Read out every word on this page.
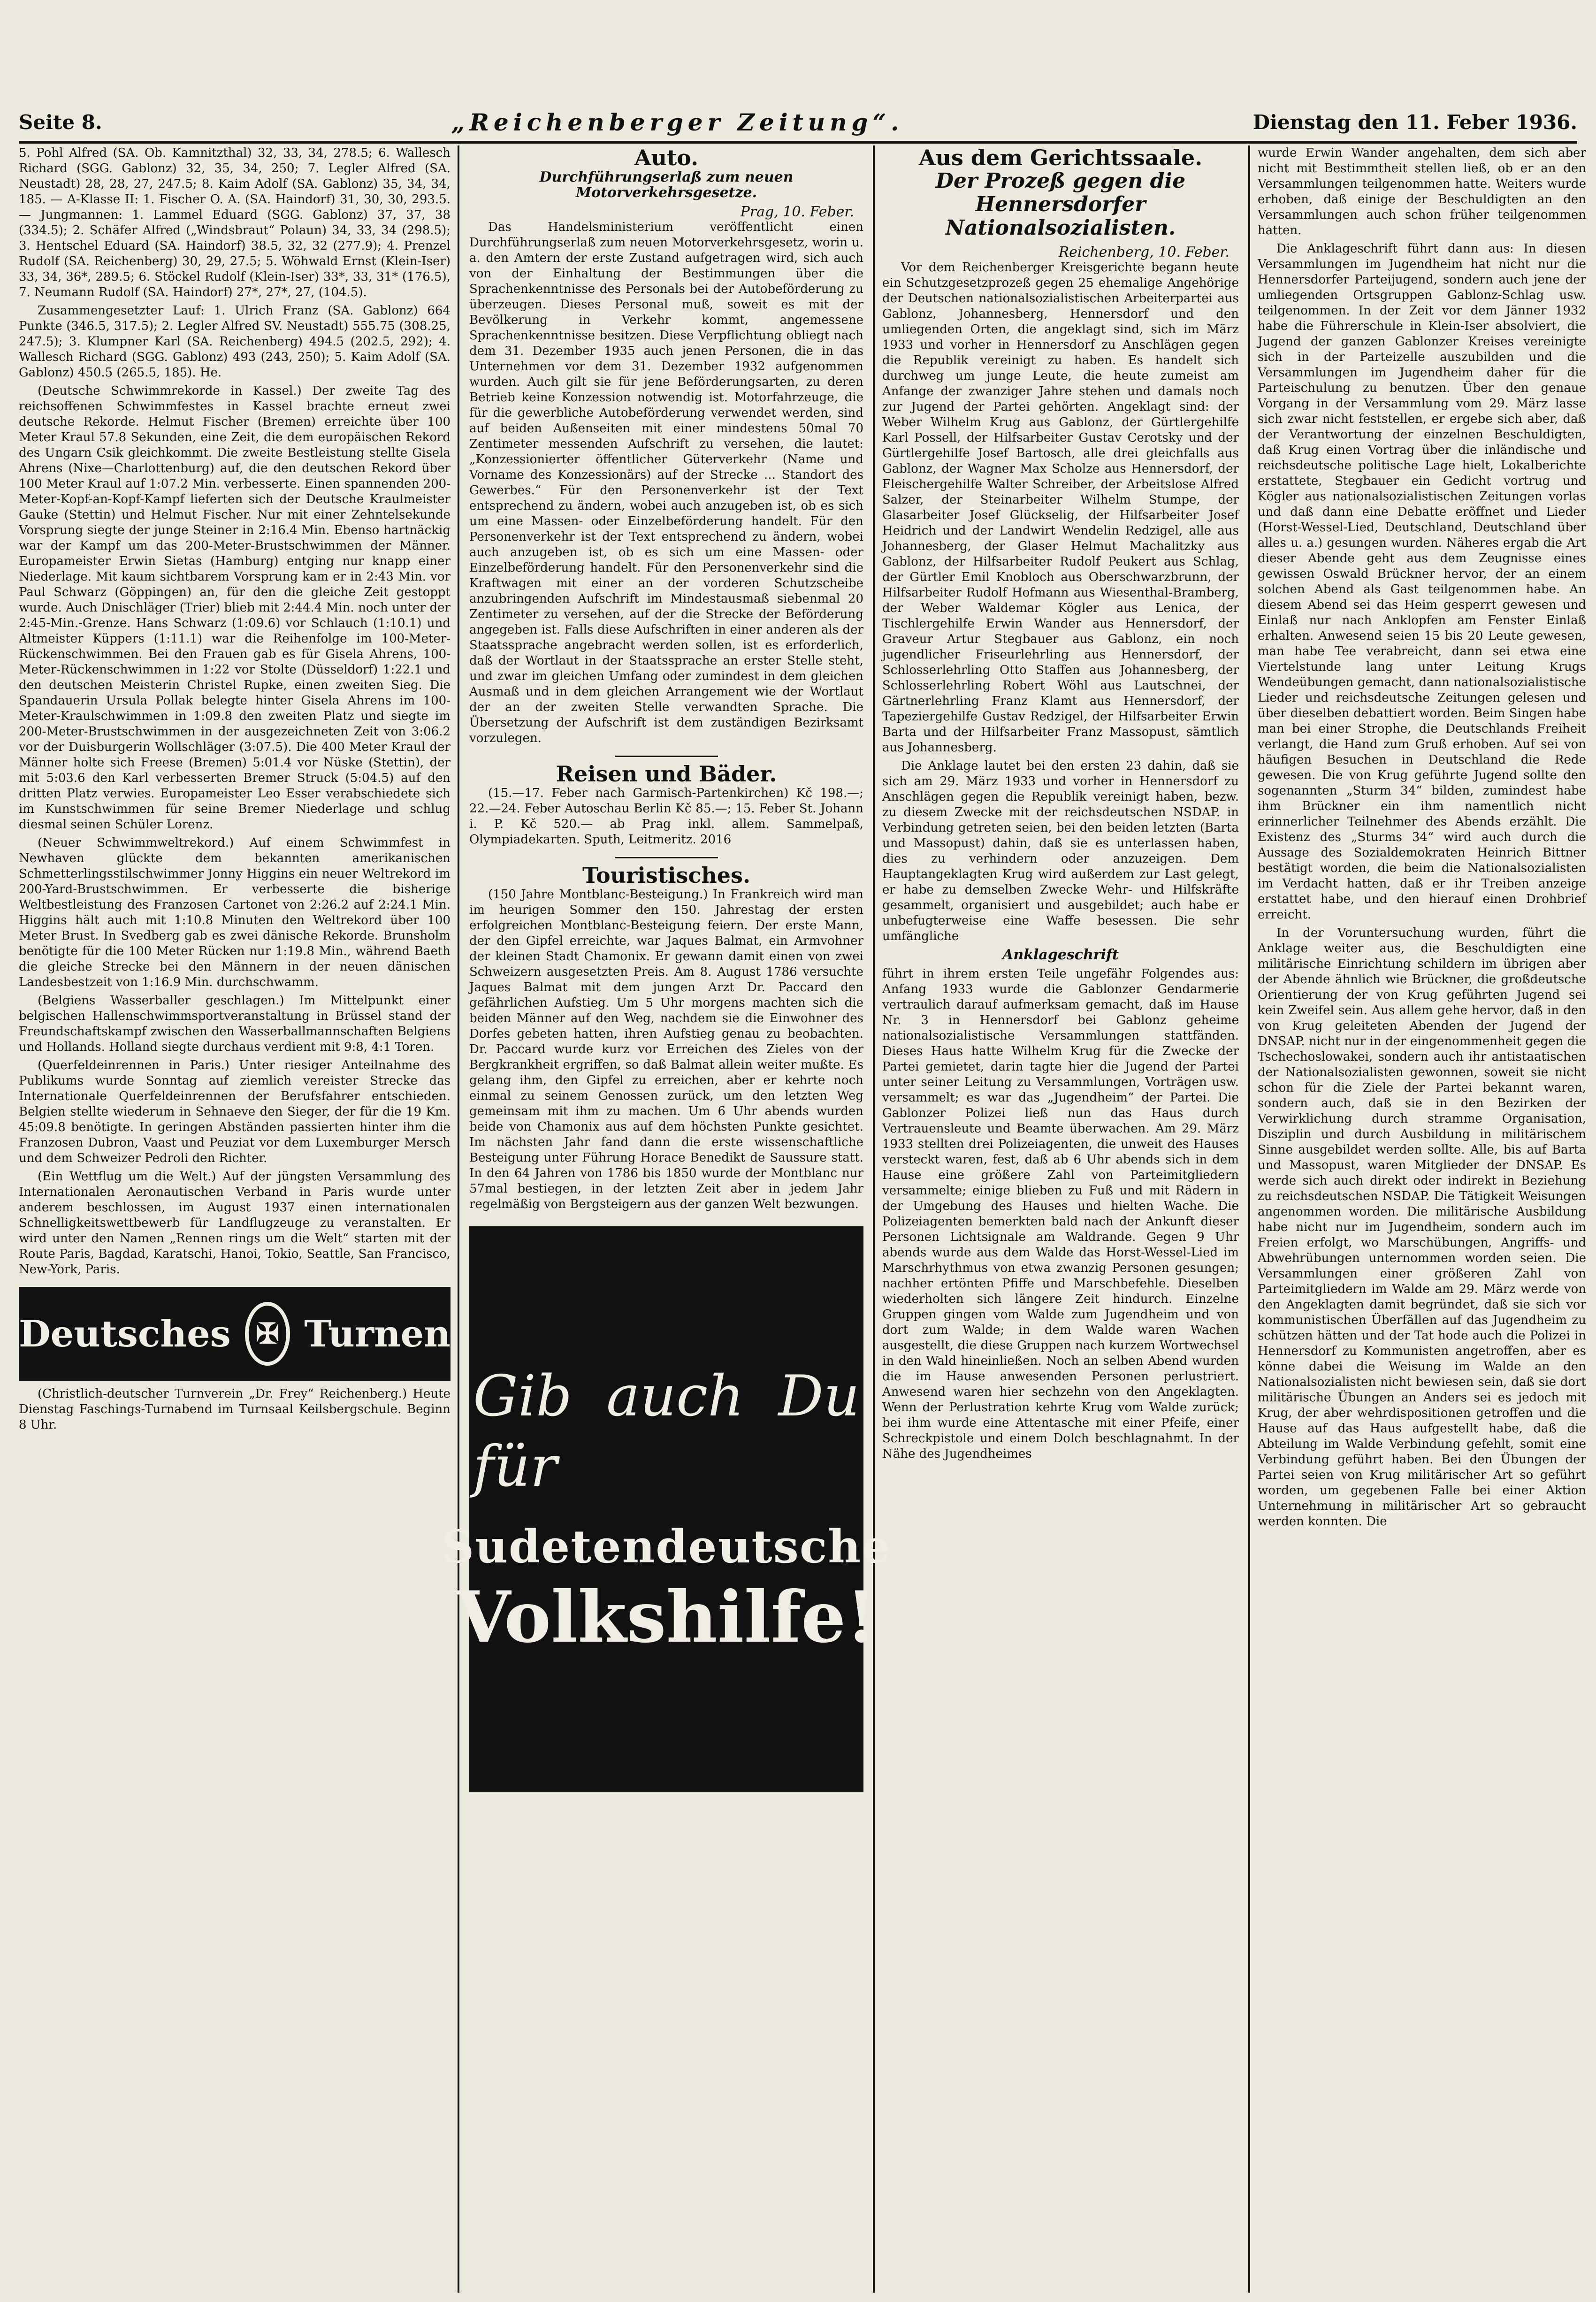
Seite 8.	„Reichenberger Zeitung“.	Dienstag den 11. Feber 1936.

5. Pohl Alfred (SA. Ob. Kamnitzthal) 32, 33, 34, 278.5; 6. Wallesch Richard (SGG. Gablonz) 32, 35, 34, 250; 7. Legler Alfred (SA. Neustadt) 28, 28, 27, 247.5; 8. Kaim Adolf (SA. Gablonz) 35, 34, 34, 185. — A-Klasse II: 1. Fischer O. A. (SA. Haindorf) 31, 30, 30, 293.5. — Jungmannen: 1. Lammel Eduard (SGG. Gablonz) 37, 37, 38 (334.5); 2. Schäfer Alfred („Windsbraut“ Polaun) 34, 33, 34 (298.5); 3. Hentschel Eduard (SA. Haindorf) 38.5, 32, 32 (277.9); 4. Prenzel Rudolf (SA. Reichenberg) 30, 29, 27.5; 5. Wöhwald Ernst (Klein-Iser) 33, 34, 36*, 289.5; 6. Stöckel Rudolf (Klein-Iser) 33*, 33, 31* (176.5), 7. Neumann Rudolf (SA. Haindorf) 27*, 27*, 27, (104.5).

Zusammengesetzter Lauf: 1. Ulrich Franz (SA. Gablonz) 664 Punkte (346.5, 317.5); 2. Legler Alfred SV. Neustadt) 555.75 (308.25, 247.5); 3. Klumpner Karl (SA. Reichenberg) 494.5 (202.5, 292); 4. Wallesch Richard (SGG. Gablonz) 493 (243, 250); 5. Kaim Adolf (SA. Gablonz) 450.5 (265.5, 185). He.

(Deutsche Schwimmrekorde in Kassel.) Der zweite Tag des reichsoffenen Schwimmfestes in Kassel brachte erneut zwei deutsche Rekorde. Helmut Fischer (Bremen) erreichte über 100 Meter Kraul 57.8 Sekunden, eine Zeit, die dem europäischen Rekord des Ungarn Csik gleichkommt. Die zweite Bestleistung stellte Gisela Ahrens (Nixe—Charlottenburg) auf, die den deutschen Rekord über 100 Meter Kraul auf 1:07.2 Min. verbesserte. Einen spannenden 200-Meter-Kopf-an-Kopf-Kampf lieferten sich der Deutsche Kraulmeister Gauke (Stettin) und Helmut Fischer. Nur mit einer Zehntelsekunde Vorsprung siegte der junge Steiner in 2:16.4 Min. Ebenso hartnäckig war der Kampf um das 200-Meter-Brustschwimmen der Männer. Europameister Erwin Sietas (Hamburg) entging nur knapp einer Niederlage. Mit kaum sichtbarem Vorsprung kam er in 2:43 Min. vor Paul Schwarz (Göppingen) an, für den die gleiche Zeit gestoppt wurde. Auch Dnischläger (Trier) blieb mit 2:44.4 Min. noch unter der 2:45-Min.-Grenze. Hans Schwarz (1:09.6) vor Schlauch (1:10.1) und Altmeister Küppers (1:11.1) war die Reihenfolge im 100-Meter-Rückenschwimmen. Bei den Frauen gab es für Gisela Ahrens, 100-Meter-Rückenschwimmen in 1:22 vor Stolte (Düsseldorf) 1:22.1 und den deutschen Meisterin Christel Rupke, einen zweiten Sieg. Die Spandauerin Ursula Pollak belegte hinter Gisela Ahrens im 100-Meter-Kraulschwimmen in 1:09.8 den zweiten Platz und siegte im 200-Meter-Brustschwimmen in der ausgezeichneten Zeit von 3:06.2 vor der Duisburgerin Wollschläger (3:07.5). Die 400 Meter Kraul der Männer holte sich Freese (Bremen) 5:01.4 vor Nüske (Stettin), der mit 5:03.6 den Karl verbesserten Bremer Struck (5:04.5) auf den dritten Platz verwies. Europameister Leo Esser verabschiedete sich im Kunstschwimmen für seine Bremer Niederlage und schlug diesmal seinen Schüler Lorenz.

(Neuer Schwimmweltrekord.) Auf einem Schwimmfest in Newhaven glückte dem bekannten amerikanischen Schmetterlingsstilschwimmer Jonny Higgins ein neuer Weltrekord im 200-Yard-Brustschwimmen. Er verbesserte die bisherige Weltbestleistung des Franzosen Cartonet von 2:26.2 auf 2:24.1 Min. Higgins hält auch mit 1:10.8 Minuten den Weltrekord über 100 Meter Brust. In Svedberg gab es zwei dänische Rekorde. Brunsholm benötigte für die 100 Meter Rücken nur 1:19.8 Min., während Baeth die gleiche Strecke bei den Männern in der neuen dänischen Landesbestzeit von 1:16.9 Min. durchschwamm.

(Belgiens Wasserballer geschlagen.) Im Mittelpunkt einer belgischen Hallenschwimmsportveranstaltung in Brüssel stand der Freundschaftskampf zwischen den Wasserballmannschaften Belgiens und Hollands. Holland siegte durchaus verdient mit 9:8, 4:1 Toren.

(Querfeldeinrennen in Paris.) Unter riesiger Anteilnahme des Publikums wurde Sonntag auf ziemlich vereister Strecke das Internationale Querfeldeinrennen der Berufsfahrer entschieden. Belgien stellte wiederum in Sehnaeve den Sieger, der für die 19 Km. 45:09.8 benötigte. In geringen Abständen passierten hinter ihm die Franzosen Dubron, Vaast und Peuziat vor dem Luxemburger Mersch und dem Schweizer Pedroli den Richter.

(Ein Wettflug um die Welt.) Auf der jüngsten Versammlung des Internationalen Aeronautischen Verband in Paris wurde unter anderem beschlossen, im August 1937 einen internationalen Schnelligkeitswettbewerb für Landflugzeuge zu veranstalten. Er wird unter den Namen „Rennen rings um die Welt“ starten mit der Route Paris, Bagdad, Karatschi, Hanoi, Tokio, Seattle, San Francisco, New-York, Paris.

Deutsches ✠ Turnen

(Christlich-deutscher Turnverein „Dr. Frey“ Reichenberg.) Heute Dienstag Faschings-Turnabend im Turnsaal Keilsbergschule. Beginn 8 Uhr.

Auto.
Durchführungserlaß zum neuen Motorverkehrsgesetze.
Prag, 10. Feber.

Das Handelsministerium veröffentlicht einen Durchführungserlaß zum neuen Motorverkehrsgesetz, worin u. a. den Amtern der erste Zustand aufgetragen wird, sich auch von der Einhaltung der Bestimmungen über die Sprachenkenntnisse des Personals bei der Autobeförderung zu überzeugen. Dieses Personal muß, soweit es mit der Bevölkerung in Verkehr kommt, angemessene Sprachenkenntnisse besitzen. Diese Verpflichtung obliegt nach dem 31. Dezember 1935 auch jenen Personen, die in das Unternehmen vor dem 31. Dezember 1932 aufgenommen wurden. Auch gilt sie für jene Beförderungsarten, zu deren Betrieb keine Konzession notwendig ist. Motorfahrzeuge, die für die gewerbliche Autobeförderung verwendet werden, sind auf beiden Außenseiten mit einer mindestens 50mal 70 Zentimeter messenden Aufschrift zu versehen, die lautet: „Konzessionierter öffentlicher Güterverkehr (Name und Vorname des Konzessionärs) auf der Strecke ... Standort des Gewerbes.“ Für den Personenverkehr ist der Text entsprechend zu ändern, wobei auch anzugeben ist, ob es sich um eine Massen- oder Einzelbeförderung handelt. Für den Personenverkehr ist der Text entsprechend zu ändern, wobei auch anzugeben ist, ob es sich um eine Massen- oder Einzelbeförderung handelt. Für den Personenverkehr sind die Kraftwagen mit einer an der vorderen Schutzscheibe anzubringenden Aufschrift im Mindestausmaß siebenmal 20 Zentimeter zu versehen, auf der die Strecke der Beförderung angegeben ist. Falls diese Aufschriften in einer anderen als der Staatssprache angebracht werden sollen, ist es erforderlich, daß der Wortlaut in der Staatssprache an erster Stelle steht, und zwar im gleichen Umfang oder zumindest in dem gleichen Ausmaß und in dem gleichen Arrangement wie der Wortlaut der an der zweiten Stelle verwandten Sprache. Die Übersetzung der Aufschrift ist dem zuständigen Bezirksamt vorzulegen.

Reisen und Bäder.

(15.—17. Feber nach Garmisch-Partenkirchen) Kč 198.—; 22.—24. Feber Autoschau Berlin Kč 85.—; 15. Feber St. Johann i. P. Kč 520.— ab Prag inkl. allem. Sammelpaß, Olympiadekarten. Sputh, Leitmeritz. 2016

Touristisches.

(150 Jahre Montblanc-Besteigung.) In Frankreich wird man im heurigen Sommer den 150. Jahrestag der ersten erfolgreichen Montblanc-Besteigung feiern. Der erste Mann, der den Gipfel erreichte, war Jaques Balmat, ein Armvohner der kleinen Stadt Chamonix. Er gewann damit einen von zwei Schweizern ausgesetzten Preis. Am 8. August 1786 versuchte Jaques Balmat mit dem jungen Arzt Dr. Paccard den gefährlichen Aufstieg. Um 5 Uhr morgens machten sich die beiden Männer auf den Weg, nachdem sie die Einwohner des Dorfes gebeten hatten, ihren Aufstieg genau zu beobachten. Dr. Paccard wurde kurz vor Erreichen des Zieles von der Bergkrankheit ergriffen, so daß Balmat allein weiter mußte. Es gelang ihm, den Gipfel zu erreichen, aber er kehrte noch einmal zu seinem Genossen zurück, um den letzten Weg gemeinsam mit ihm zu machen. Um 6 Uhr abends wurden beide von Chamonix aus auf dem höchsten Punkte gesichtet. Im nächsten Jahr fand dann die erste wissenschaftliche Besteigung unter Führung Horace Benedikt de Saussure statt. In den 64 Jahren von 1786 bis 1850 wurde der Montblanc nur 57mal bestiegen, in der letzten Zeit aber in jedem Jahr regelmäßig von Bergsteigern aus der ganzen Welt bezwungen.

Gib auch Du für
Sudetendeutsche
Volkshilfe!
Aus dem Gerichtssaale.
Der Prozeß gegen die Hennersdorfer Nationalsozialisten.
Reichenberg, 10. Feber.

Vor dem Reichenberger Kreisgerichte begann heute ein Schutzgesetzprozeß gegen 25 ehemalige Angehörige der Deutschen nationalsozialistischen Arbeiterpartei aus Gablonz, Johannesberg, Hennersdorf und den umliegenden Orten, die angeklagt sind, sich im März 1933 und vorher in Hennersdorf zu Anschlägen gegen die Republik vereinigt zu haben. Es handelt sich durchweg um junge Leute, die heute zumeist am Anfange der zwanziger Jahre stehen und damals noch zur Jugend der Partei gehörten. Angeklagt sind: der Weber Wilhelm Krug aus Gablonz, der Gürtlergehilfe Karl Possell, der Hilfsarbeiter Gustav Cerotsky und der Gürtlergehilfe Josef Bartosch, alle drei gleichfalls aus Gablonz, der Wagner Max Scholze aus Hennersdorf, der Fleischergehilfe Walter Schreiber, der Arbeitslose Alfred Salzer, der Steinarbeiter Wilhelm Stumpe, der Glasarbeiter Josef Glückselig, der Hilfsarbeiter Josef Heidrich und der Landwirt Wendelin Redzigel, alle aus Johannesberg, der Glaser Helmut Machalitzky aus Gablonz, der Hilfsarbeiter Rudolf Peukert aus Schlag, der Gürtler Emil Knobloch aus Oberschwarzbrunn, der Hilfsarbeiter Rudolf Hofmann aus Wiesenthal-Bramberg, der Weber Waldemar Kögler aus Lenica, der Tischlergehilfe Erwin Wander aus Hennersdorf, der Graveur Artur Stegbauer aus Gablonz, ein noch jugendlicher Friseurlehrling aus Hennersdorf, der Schlosserlehrling Otto Staffen aus Johannesberg, der Schlosserlehrling Robert Wöhl aus Lautschnei, der Gärtnerlehrling Franz Klamt aus Hennersdorf, der Tapeziergehilfe Gustav Redzigel, der Hilfsarbeiter Erwin Barta und der Hilfsarbeiter Franz Massopust, sämtlich aus Johannesberg.

Die Anklage lautet bei den ersten 23 dahin, daß sie sich am 29. März 1933 und vorher in Hennersdorf zu Anschlägen gegen die Republik vereinigt haben, bezw. zu diesem Zwecke mit der reichsdeutschen NSDAP. in Verbindung getreten seien, bei den beiden letzten (Barta und Massopust) dahin, daß sie es unterlassen haben, dies zu verhindern oder anzuzeigen. Dem Hauptangeklagten Krug wird außerdem zur Last gelegt, er habe zu demselben Zwecke Wehr- und Hilfskräfte gesammelt, organisiert und ausgebildet; auch habe er unbefugterweise eine Waffe besessen. Die sehr umfängliche

Anklageschrift

führt in ihrem ersten Teile ungefähr Folgendes aus: Anfang 1933 wurde die Gablonzer Gendarmerie vertraulich darauf aufmerksam gemacht, daß im Hause Nr. 3 in Hennersdorf bei Gablonz geheime nationalsozialistische Versammlungen stattfänden. Dieses Haus hatte Wilhelm Krug für die Zwecke der Partei gemietet, darin tagte hier die Jugend der Partei unter seiner Leitung zu Versammlungen, Vorträgen usw. versammelt; es war das „Jugendheim“ der Partei. Die Gablonzer Polizei ließ nun das Haus durch Vertrauensleute und Beamte überwachen. Am 29. März 1933 stellten drei Polizeiagenten, die unweit des Hauses versteckt waren, fest, daß ab 6 Uhr abends sich in dem Hause eine größere Zahl von Parteimitgliedern versammelte; einige blieben zu Fuß und mit Rädern in der Umgebung des Hauses und hielten Wache. Die Polizeiagenten bemerkten bald nach der Ankunft dieser Personen Lichtsignale am Waldrande. Gegen 9 Uhr abends wurde aus dem Walde das Horst-Wessel-Lied im Marschrhythmus von etwa zwanzig Personen gesungen; nachher ertönten Pfiffe und Marschbefehle. Dieselben wiederholten sich längere Zeit hindurch. Einzelne Gruppen gingen vom Walde zum Jugendheim und von dort zum Walde; in dem Walde waren Wachen ausgestellt, die diese Gruppen nach kurzem Wortwechsel in den Wald hineinließen. Noch an selben Abend wurden die im Hause anwesenden Personen perlustriert. Anwesend waren hier sechzehn von den Angeklagten. Wenn der Perlustration kehrte Krug vom Walde zurück; bei ihm wurde eine Attentasche mit einer Pfeife, einer Schreckpistole und einem Dolch beschlagnahmt. In der Nähe des Jugendheimes

wurde Erwin Wander angehalten, dem sich aber nicht mit Bestimmtheit stellen ließ, ob er an den Versammlungen teilgenommen hatte. Weiters wurde erhoben, daß einige der Beschuldigten an den Versammlungen auch schon früher teilgenommen hatten.

Die Anklageschrift führt dann aus: In diesen Versammlungen im Jugendheim hat nicht nur die Hennersdorfer Parteijugend, sondern auch jene der umliegenden Ortsgruppen Gablonz-Schlag usw. teilgenommen. In der Zeit vor dem Jänner 1932 habe die Führerschule in Klein-Iser absolviert, die Jugend der ganzen Gablonzer Kreises vereinigte sich in der Parteizelle auszubilden und die Versammlungen im Jugendheim daher für die Parteischulung zu benutzen. Über den genaue Vorgang in der Versammlung vom 29. März lasse sich zwar nicht feststellen, er ergebe sich aber, daß der Verantwortung der einzelnen Beschuldigten, daß Krug einen Vortrag über die inländische und reichsdeutsche politische Lage hielt, Lokalberichte erstattete, Stegbauer ein Gedicht vortrug und Kögler aus nationalsozialistischen Zeitungen vorlas und daß dann eine Debatte eröffnet und Lieder (Horst-Wessel-Lied, Deutschland, Deutschland über alles u. a.) gesungen wurden. Näheres ergab die Art dieser Abende geht aus dem Zeugnisse eines gewissen Oswald Brückner hervor, der an einem solchen Abend als Gast teilgenommen habe. An diesem Abend sei das Heim gesperrt gewesen und Einlaß nur nach Anklopfen am Fenster Einlaß erhalten. Anwesend seien 15 bis 20 Leute gewesen, man habe Tee verabreicht, dann sei etwa eine Viertelstunde lang unter Leitung Krugs Wendeübungen gemacht, dann nationalsozialistische Lieder und reichsdeutsche Zeitungen gelesen und über dieselben debattiert worden. Beim Singen habe man bei einer Strophe, die Deutschlands Freiheit verlangt, die Hand zum Gruß erhoben. Auf sei von häufigen Besuchen in Deutschland die Rede gewesen. Die von Krug geführte Jugend sollte den sogenannten „Sturm 34“ bilden, zumindest habe ihm Brückner ein ihm namentlich nicht erinnerlicher Teilnehmer des Abends erzählt. Die Existenz des „Sturms 34“ wird auch durch die Aussage des Sozialdemokraten Heinrich Bittner bestätigt worden, die beim die Nationalsozialisten im Verdacht hatten, daß er ihr Treiben anzeige erstattet habe, und den hierauf einen Drohbrief erreicht.

In der Voruntersuchung wurden, führt die Anklage weiter aus, die Beschuldigten eine militärische Einrichtung schildern im übrigen aber der Abende ähnlich wie Brückner, die großdeutsche Orientierung der von Krug geführten Jugend sei kein Zweifel sein. Aus allem gehe hervor, daß in den von Krug geleiteten Abenden der Jugend der DNSAP. nicht nur in der eingenommenheit gegen die Tschechoslowakei, sondern auch ihr antistaatischen der Nationalsozialisten gewonnen, soweit sie nicht schon für die Ziele der Partei bekannt waren, sondern auch, daß sie in den Bezirken der Verwirklichung durch stramme Organisation, Disziplin und durch Ausbildung in militärischem Sinne ausgebildet werden sollte. Alle, bis auf Barta und Massopust, waren Mitglieder der DNSAP. Es werde sich auch direkt oder indirekt in Beziehung zu reichsdeutschen NSDAP. Die Tätigkeit Weisungen angenommen worden. Die militärische Ausbildung habe nicht nur im Jugendheim, sondern auch im Freien erfolgt, wo Marschübungen, Angriffs- und Abwehrübungen unternommen worden seien. Die Versammlungen einer größeren Zahl von Parteimitgliedern im Walde am 29. März werde von den Angeklagten damit begründet, daß sie sich vor kommunistischen Überfällen auf das Jugendheim zu schützen hätten und der Tat hode auch die Polizei in Hennersdorf zu Kommunisten angetroffen, aber es könne dabei die Weisung im Walde an den Nationalsozialisten nicht bewiesen sein, daß sie dort militärische Übungen an Anders sei es jedoch mit Krug, der aber wehrdispositionen getroffen und die Hause auf das Haus aufgestellt habe, daß die Abteilung im Walde Verbindung gefehlt, somit eine Verbindung geführt haben. Bei den Übungen der Partei seien von Krug militärischer Art so geführt worden, um gegebenen Falle bei einer Aktion Unternehmung in militärischer Art so gebraucht werden konnten. Die
